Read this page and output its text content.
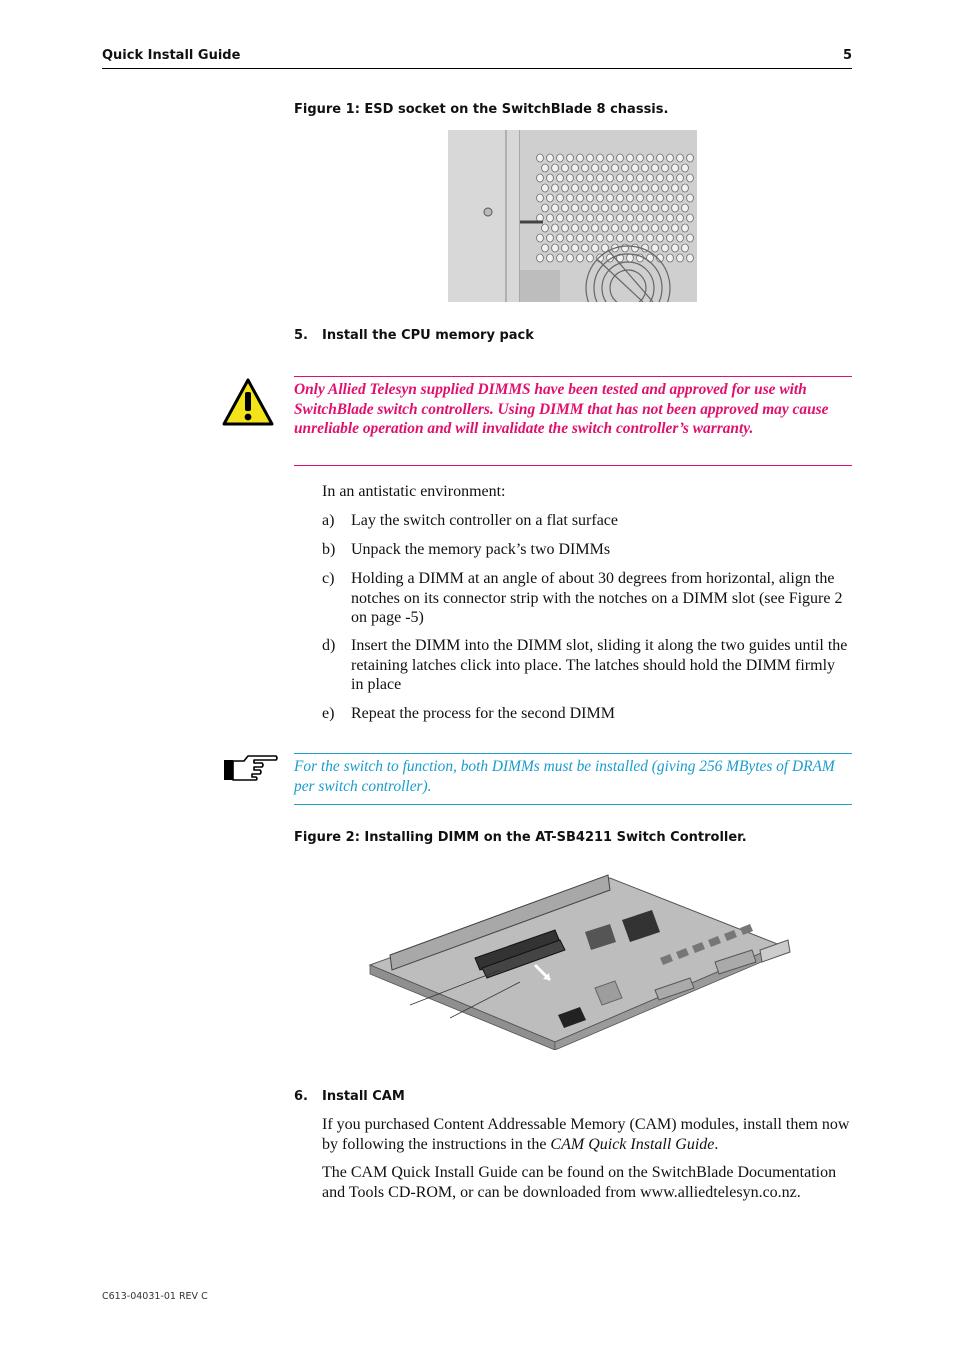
Quick Install Guide	5
Figure 1: ESD socket on the SwitchBlade 8 chassis.
5. Install the CPU memory pack
Only Allied Telesyn supplied DIMMS have been tested and approved for use with SwitchBlade switch controllers. Using DIMM that has not been approved may cause unreliable operation and will invalidate the switch controller’s warranty.
In an antistatic environment:
a) Lay the switch controller on a flat surface
b) Unpack the memory pack’s two DIMMs
c) Holding a DIMM at an angle of about 30 degrees from horizontal, align the notches on its connector strip with the notches on a DIMM slot (see Figure 2 on page -5)
d) Insert the DIMM into the DIMM slot, sliding it along the two guides until the retaining latches click into place. The latches should hold the DIMM firmly in place
e) Repeat the process for the second DIMM
For the switch to function, both DIMMs must be installed (giving 256 MBytes of DRAM per switch controller).
Figure 2: Installing DIMM on the AT-SB4211 Switch Controller.
6. Install CAM
If you purchased Content Addressable Memory (CAM) modules, install them now by following the instructions in the CAM Quick Install Guide.
The CAM Quick Install Guide can be found on the SwitchBlade Documentation and Tools CD-ROM, or can be downloaded from www.alliedtelesyn.co.nz.
C613-04031-01 REV C
